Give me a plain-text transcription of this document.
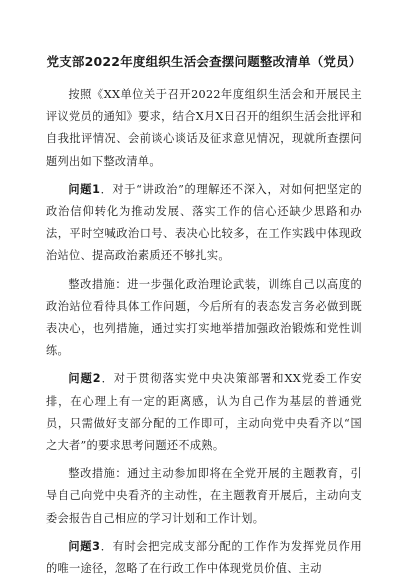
党支部2022年度组织生活会查摆问题整改清单（党员）

按照《XX单位关于召开2022年度组织生活会和开展民主评议党员的通知》要求，结合X月X日召开的组织生活会批评和自我批评情况、会前谈心谈话及征求意见情况，现就所查摆问题列出如下整改清单。

问题1．对于“讲政治”的理解还不深入，对如何把坚定的政治信仰转化为推动发展、落实工作的信心还缺少思路和办法，平时空喊政治口号、表决心比较多，在工作实践中体现政治站位、提高政治素质还不够扎实。

整改措施：进一步强化政治理论武装，训练自己以高度的政治站位看待具体工作问题，今后所有的表态发言务必做到既表决心，也列措施，通过实打实地举措加强政治锻炼和党性训练。

问题2．对于贯彻落实党中央决策部署和XX党委工作安排，在心理上有一定的距离感，认为自己作为基层的普通党员，只需做好支部分配的工作即可，主动向党中央看齐以“国之大者”的要求思考问题还不成熟。

整改措施：通过主动参加即将在全党开展的主题教育，引导自己向党中央看齐的主动性，在主题教育开展后，主动向支委会报告自己相应的学习计划和工作计划。

问题3．有时会把完成支部分配的工作作为发挥党员作用的唯一途径，忽略了在行政工作中体现党员价值、主动
